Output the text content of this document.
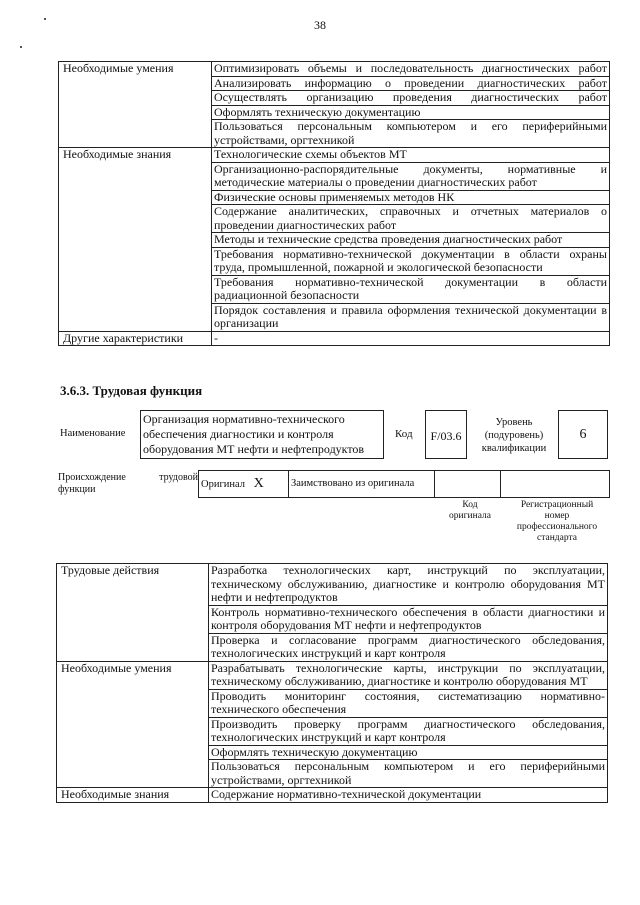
38
Необходимые умения	Оптимизировать объемы и последовательность диагностических работ
	Анализировать информацию о проведении диагностических работ
	Осуществлять организацию проведения диагностических работ
	Оформлять техническую документацию
	Пользоваться персональным компьютером и его периферийными устройствами, оргтехникой
Необходимые знания	Технологические схемы объектов МТ
	Организационно-распорядительные документы, нормативные и методические материалы о проведении диагностических работ
	Физические основы применяемых методов НК
	Содержание аналитических, справочных и отчетных материалов о проведении диагностических работ
	Методы и технические средства проведения диагностических работ
	Требования нормативно-технической документации в области охраны труда, промышленной, пожарной и экологической безопасности
	Требования нормативно-технической документации в области радиационной безопасности
	Порядок составления и правила оформления технической документации в организации
Другие характеристики	-
3.6.3. Трудовая функция
Наименование
Организация нормативно-технического обеспечения диагностики и контроля оборудования МТ нефти и нефтепродуктов
Код	F/03.6
Уровень (подуровень) квалификации
6
Происхождение трудовой функции	Оригинал X	Заимствовано из оригинала		
Код оригинала
Регистрационный номер профессионального стандарта
Трудовые действия	Разработка технологических карт, инструкций по эксплуатации, техническому обслуживанию, диагностике и контролю оборудования МТ нефти и нефтепродуктов
	Контроль нормативно-технического обеспечения в области диагностики и контроля оборудования МТ нефти и нефтепродуктов
	Проверка и согласование программ диагностического обследования, технологических инструкций и карт контроля
Необходимые умения	Разрабатывать технологические карты, инструкции по эксплуатации, техническому обслуживанию, диагностике и контролю оборудования МТ
	Проводить мониторинг состояния, систематизацию нормативно-технического обеспечения
	Производить проверку программ диагностического обследования, технологических инструкций и карт контроля
	Оформлять техническую документацию
	Пользоваться персональным компьютером и его периферийными устройствами, оргтехникой
Необходимые знания	Содержание нормативно-технической документации
